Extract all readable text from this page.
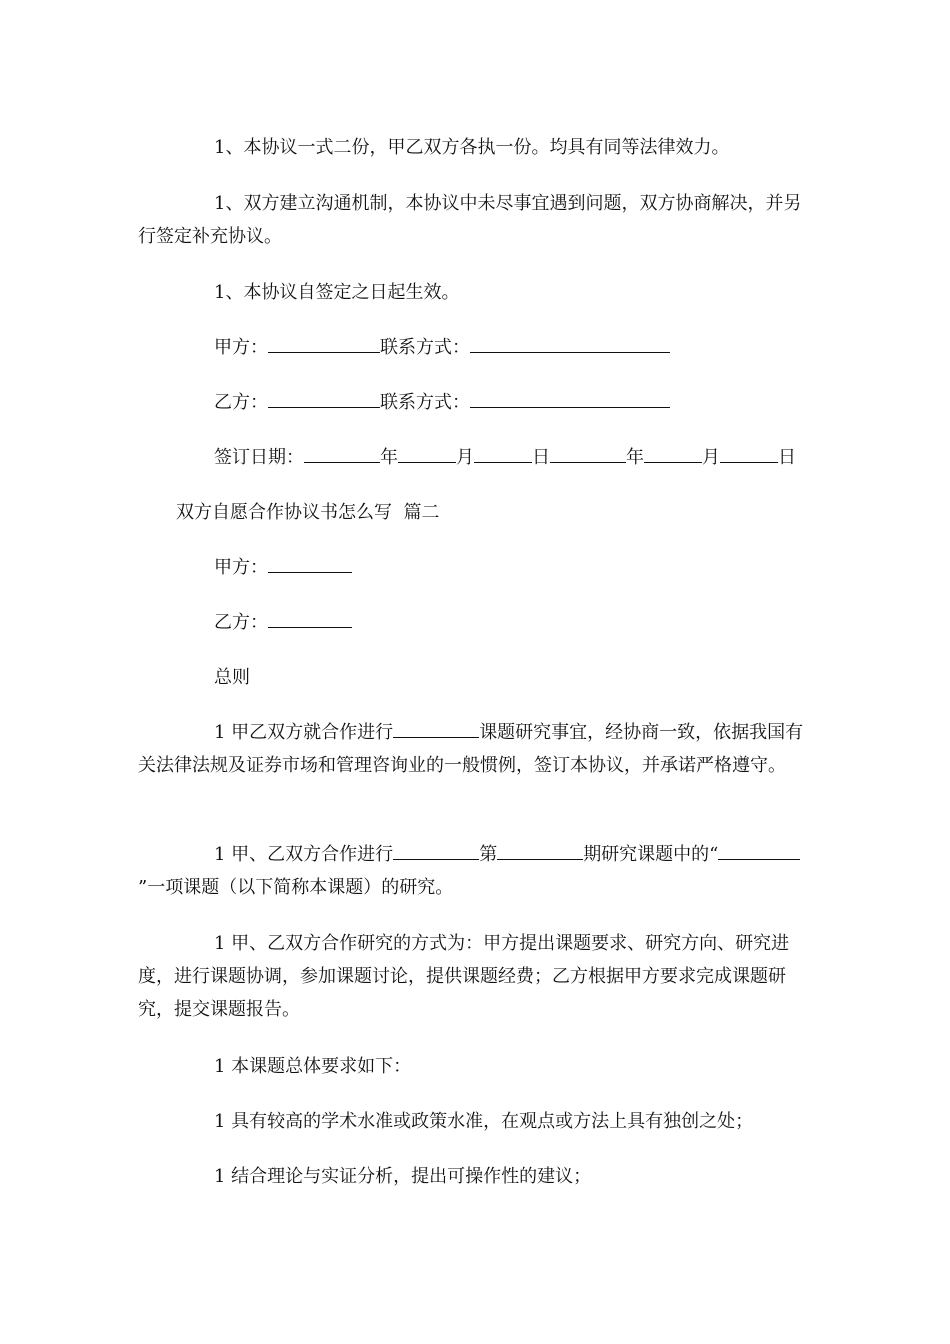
1、本协议一式二份，甲乙双方各执一份。均具有同等法律效力。

1、双方建立沟通机制，本协议中未尽事宜遇到问题，双方协商解决，并另行签定补充协议。

1、本协议自签定之日起生效。

甲方：	联系方式：

乙方：	联系方式：

签订日期：	年	月	日	年	月	日

双方自愿合作协议书怎么写  篇二

甲方：

乙方：

总则

1 甲乙双方就合作进行	课题研究事宜，经协商一致，依据我国有关法律法规及证券市场和管理咨询业的一般惯例，签订本协议，并承诺严格遵守。

1 甲、乙双方合作进行	第	期研究课题中的“”一项课题（以下简称本课题）的研究。

1 甲、乙双方合作研究的方式为：甲方提出课题要求、研究方向、研究进度，进行课题协调，参加课题讨论，提供课题经费；乙方根据甲方要求完成课题研究，提交课题报告。

1 本课题总体要求如下：

1 具有较高的学术水准或政策水准，在观点或方法上具有独创之处；

1 结合理论与实证分析，提出可操作性的建议；
